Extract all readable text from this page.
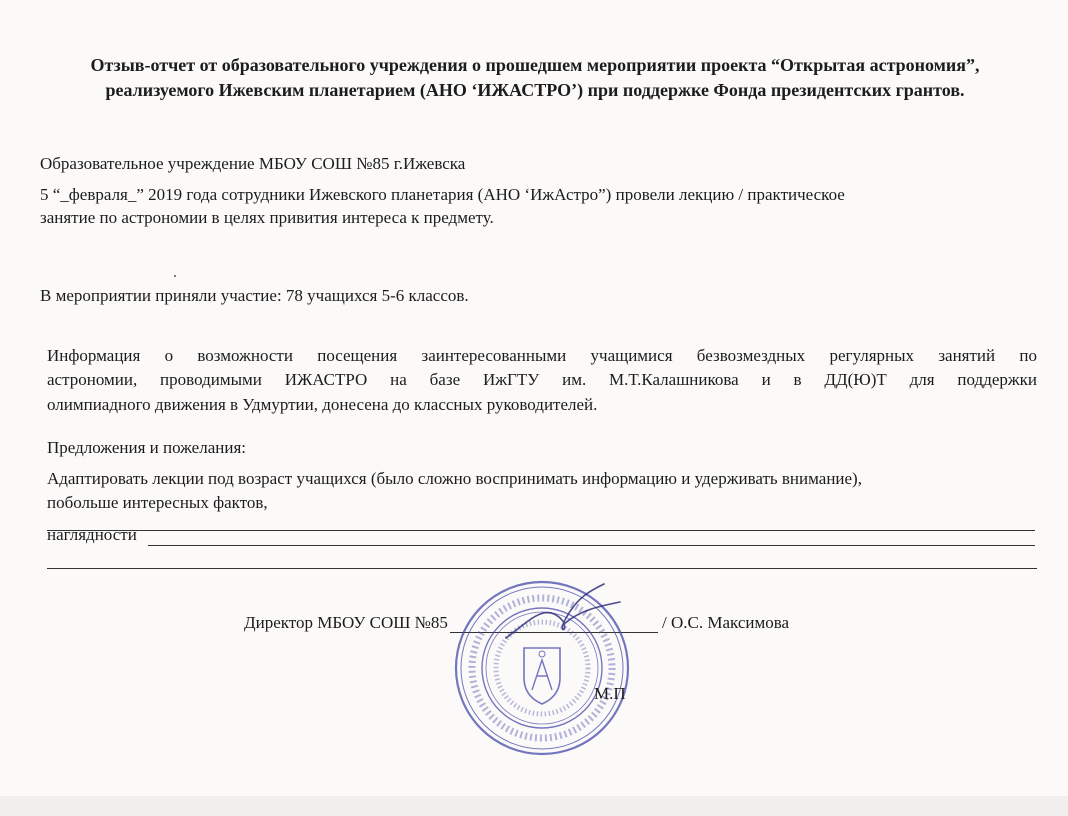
Отзыв-отчет от образовательного учреждения о прошедшем мероприятии проекта “Открытая астрономия”,
реализуемого Ижевским планетарием (АНО ‘ИЖАСТРО’) при поддержке Фонда президентских грантов.
Образовательное учреждение МБОУ СОШ №85 г.Ижевска
5 “_февраля_” 2019 года сотрудники Ижевского планетария (АНО ‘ИжАстро”) провели лекцию / практическое
занятие по астрономии в целях привития интереса к предмету.
В мероприятии приняли участие: 78 учащихся 5-6 классов.
Информация о возможности посещения заинтересованными учащимися безвозмездных регулярных занятий по
астрономии, проводимыми ИЖАСТРО на базе ИжГТУ им. М.Т.Калашникова и в ДД(Ю)Т для поддержки
олимпиадного движения в Удмуртии, донесена до классных руководителей.
Предложения и пожелания:
Адаптировать лекции под возраст учащихся (было сложно воспринимать информацию и удерживать внимание),
побольше интересных фактов,
наглядности
Директор МБОУ СОШ №85	/ О.С. Максимова
М.П
